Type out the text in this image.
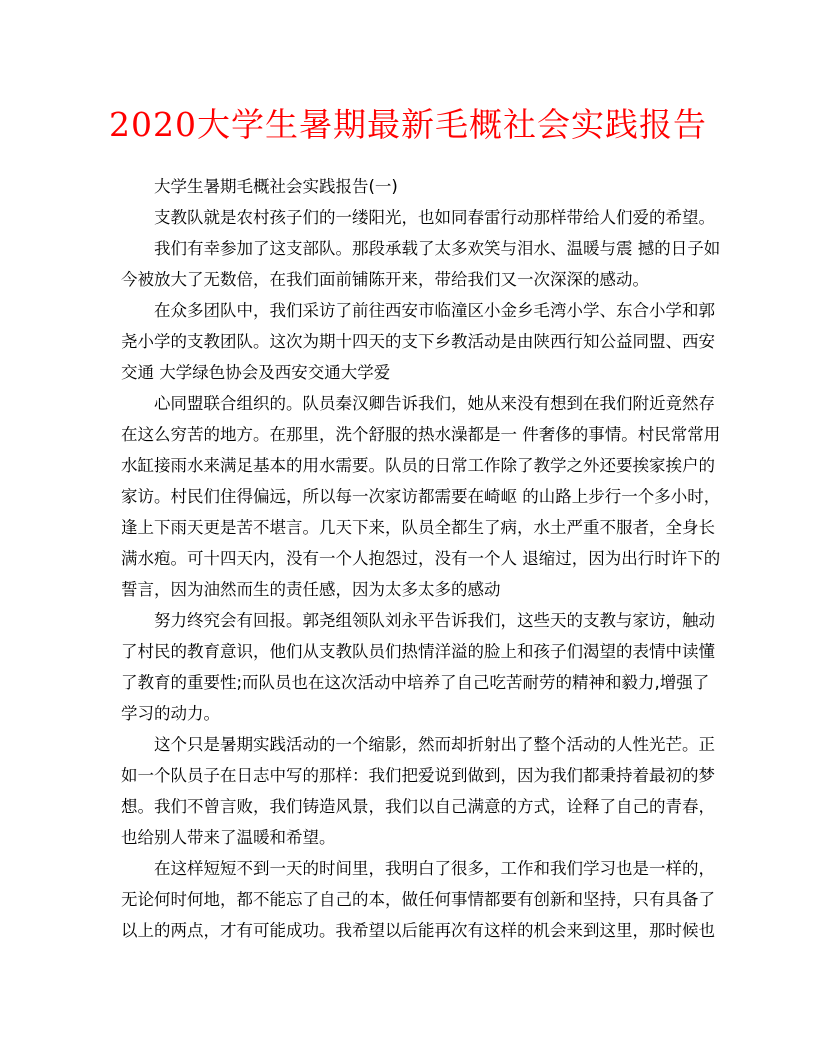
2020大学生暑期最新毛概社会实践报告
大学生暑期毛概社会实践报告(一)
支教队就是农村孩子们的一缕阳光，也如同春雷行动那样带给人们爱的希望。
我们有幸参加了这支部队。那段承载了太多欢笑与泪水、温暖与震 撼的日子如
今被放大了无数倍，在我们面前铺陈开来，带给我们又一次深深的感动。
在众多团队中，我们采访了前往西安市临潼区小金乡毛湾小学、东合小学和郭
尧小学的支教团队。这次为期十四天的支下乡教活动是由陕西行知公益同盟、西安
交通 大学绿色协会及西安交通大学爱
心同盟联合组织的。队员秦汉卿告诉我们，她从来没有想到在我们附近竟然存
在这么穷苦的地方。在那里，洗个舒服的热水澡都是一 件奢侈的事情。村民常常用
水缸接雨水来满足基本的用水需要。队员的日常工作除了教学之外还要挨家挨户的
家访。村民们住得偏远，所以每一次家访都需要在崎岖 的山路上步行一个多小时，
逢上下雨天更是苦不堪言。几天下来，队员全都生了病，水土严重不服者，全身长
满水疱。可十四天内，没有一个人抱怨过，没有一个人 退缩过，因为出行时许下的
誓言，因为油然而生的责任感，因为太多太多的感动
努力终究会有回报。郭尧组领队刘永平告诉我们，这些天的支教与家访，触动
了村民的教育意识，他们从支教队员们热情洋溢的脸上和孩子们渴望的表情中读懂
了教育的重要性;而队员也在这次活动中培养了自己吃苦耐劳的精神和毅力,增强了
学习的动力。
这个只是暑期实践活动的一个缩影，然而却折射出了整个活动的人性光芒。正
如一个队员子在日志中写的那样：我们把爱说到做到，因为我们都秉持着最初的梦
想。我们不曾言败，我们铸造风景，我们以自己满意的方式，诠释了自己的青春，
也给别人带来了温暖和希望。
在这样短短不到一天的时间里，我明白了很多，工作和我们学习也是一样的，
无论何时何地，都不能忘了自己的本，做任何事情都要有创新和坚持，只有具备了
以上的两点，才有可能成功。我希望以后能再次有这样的机会来到这里，那时候也
